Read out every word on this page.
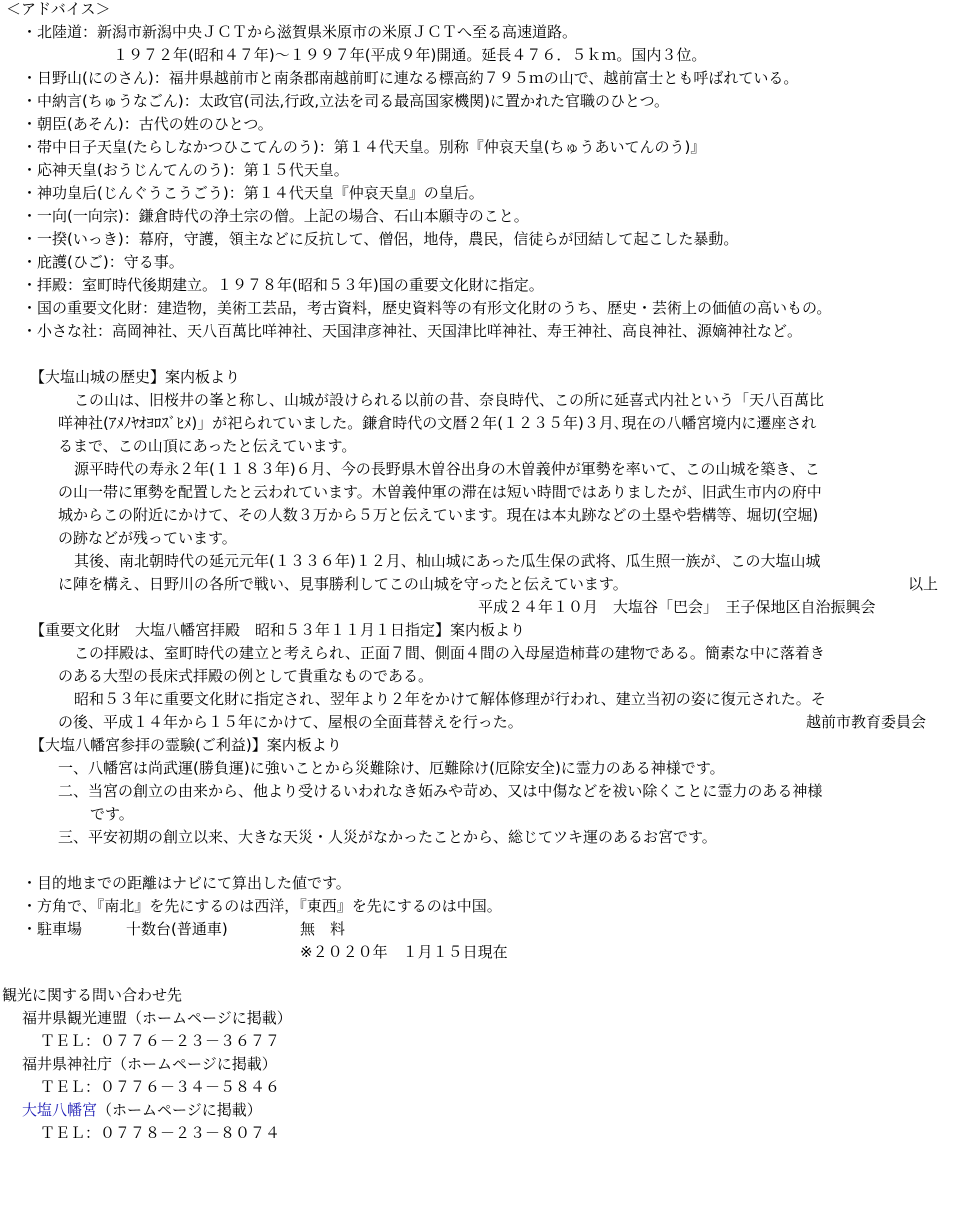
＜アドバイス＞
・北陸道：新潟市新潟中央ＪＣＴから滋賀県米原市の米原ＪＣＴへ至る高速道路。
１９７２年(昭和４７年)～１９９７年(平成９年)開通。延長４７６．５ｋｍ。国内３位。
・日野山(にのさん)：福井県越前市と南条郡南越前町に連なる標高約７９５ｍの山で、越前富士とも呼ばれている。
・中納言(ちゅうなごん)：太政官(司法,行政,立法を司る最高国家機関)に置かれた官職のひとつ。
・朝臣(あそん)：古代の姓のひとつ。
・帯中日子天皇(たらしなかつひこてんのう)：第１４代天皇。別称『仲哀天皇(ちゅうあいてんのう)』
・応神天皇(おうじんてんのう)：第１５代天皇。
・神功皇后(じんぐうこうごう)：第１４代天皇『仲哀天皇』の皇后。
・一向(一向宗)：鎌倉時代の浄土宗の僧。上記の場合、石山本願寺のこと。
・一揆(いっき)：幕府，守護，領主などに反抗して、僧侶，地侍，農民，信徒らが団結して起こした暴動。
・庇護(ひご)：守る事。
・拝殿：室町時代後期建立。１９７８年(昭和５３年)国の重要文化財に指定。
・国の重要文化財：建造物，美術工芸品，考古資料，歴史資料等の有形文化財のうち、歴史・芸術上の価値の高いもの。
・小さな社：高岡神社、天八百萬比咩神社、天国津彦神社、天国津比咩神社、寿王神社、高良神社、源嫡神社など。
【大塩山城の歴史】案内板より
この山は、旧桜井の峯と称し、山城が設けられる以前の昔、奈良時代、この所に延喜式内社という「天八百萬比
咩神社(ｱﾒﾉﾔｵﾖﾛｽﾞﾋﾒ)」が祀られていました。鎌倉時代の文暦２年(１２３５年)３月､現在の八幡宮境内に遷座され
るまで、この山頂にあったと伝えています。
源平時代の寿永２年(１１８３年)６月、今の長野県木曽谷出身の木曽義仲が軍勢を率いて、この山城を築き、こ
の山一帯に軍勢を配置したと云われています。木曽義仲軍の滞在は短い時間ではありましたが、旧武生市内の府中
城からこの附近にかけて、その人数３万から５万と伝えています。現在は本丸跡などの土塁や砦構等、堀切(空堀)
の跡などが残っています。
其後、南北朝時代の延元元年(１３３６年)１２月、杣山城にあった瓜生保の武将、瓜生照一族が、この大塩山城
に陣を構え、日野川の各所で戦い、見事勝利してこの山城を守ったと伝えています。	以上
平成２４年１０月　大塩谷「巴会」　王子保地区自治振興会
【重要文化財　大塩八幡宮拝殿　昭和５３年１１月１日指定】案内板より
この拝殿は、室町時代の建立と考えられ、正面７間、側面４間の入母屋造柿葺の建物である。簡素な中に落着き
のある大型の長床式拝殿の例として貴重なものである。
昭和５３年に重要文化財に指定され、翌年より２年をかけて解体修理が行われ、建立当初の姿に復元された。そ
の後、平成１４年から１５年にかけて、屋根の全面葺替えを行った。	越前市教育委員会
【大塩八幡宮参拝の霊験(ご利益)】案内板より
一、八幡宮は尚武運(勝負運)に強いことから災難除け、厄難除け(厄除安全)に霊力のある神様です。
二、当宮の創立の由来から、他より受けるいわれなき妬みや苛め、又は中傷などを祓い除くことに霊力のある神様
です。
三、平安初期の創立以来、大きな天災・人災がなかったことから、総じてツキ運のあるお宮です。
・目的地までの距離はナビにて算出した値です。
・方角で、『南北』を先にするのは西洋，『東西』を先にするのは中国。
・駐車場	十数台(普通車)	無　料
※２０２０年　１月１５日現在
観光に関する問い合わせ先
福井県観光連盟（ホームページに掲載）
ＴＥＬ：０７７６－２３－３６７７
福井県神社庁（ホームページに掲載）
ＴＥＬ：０７７６－３４－５８４６
大塩八幡宮（ホームページに掲載）
ＴＥＬ：０７７８－２３－８０７４
